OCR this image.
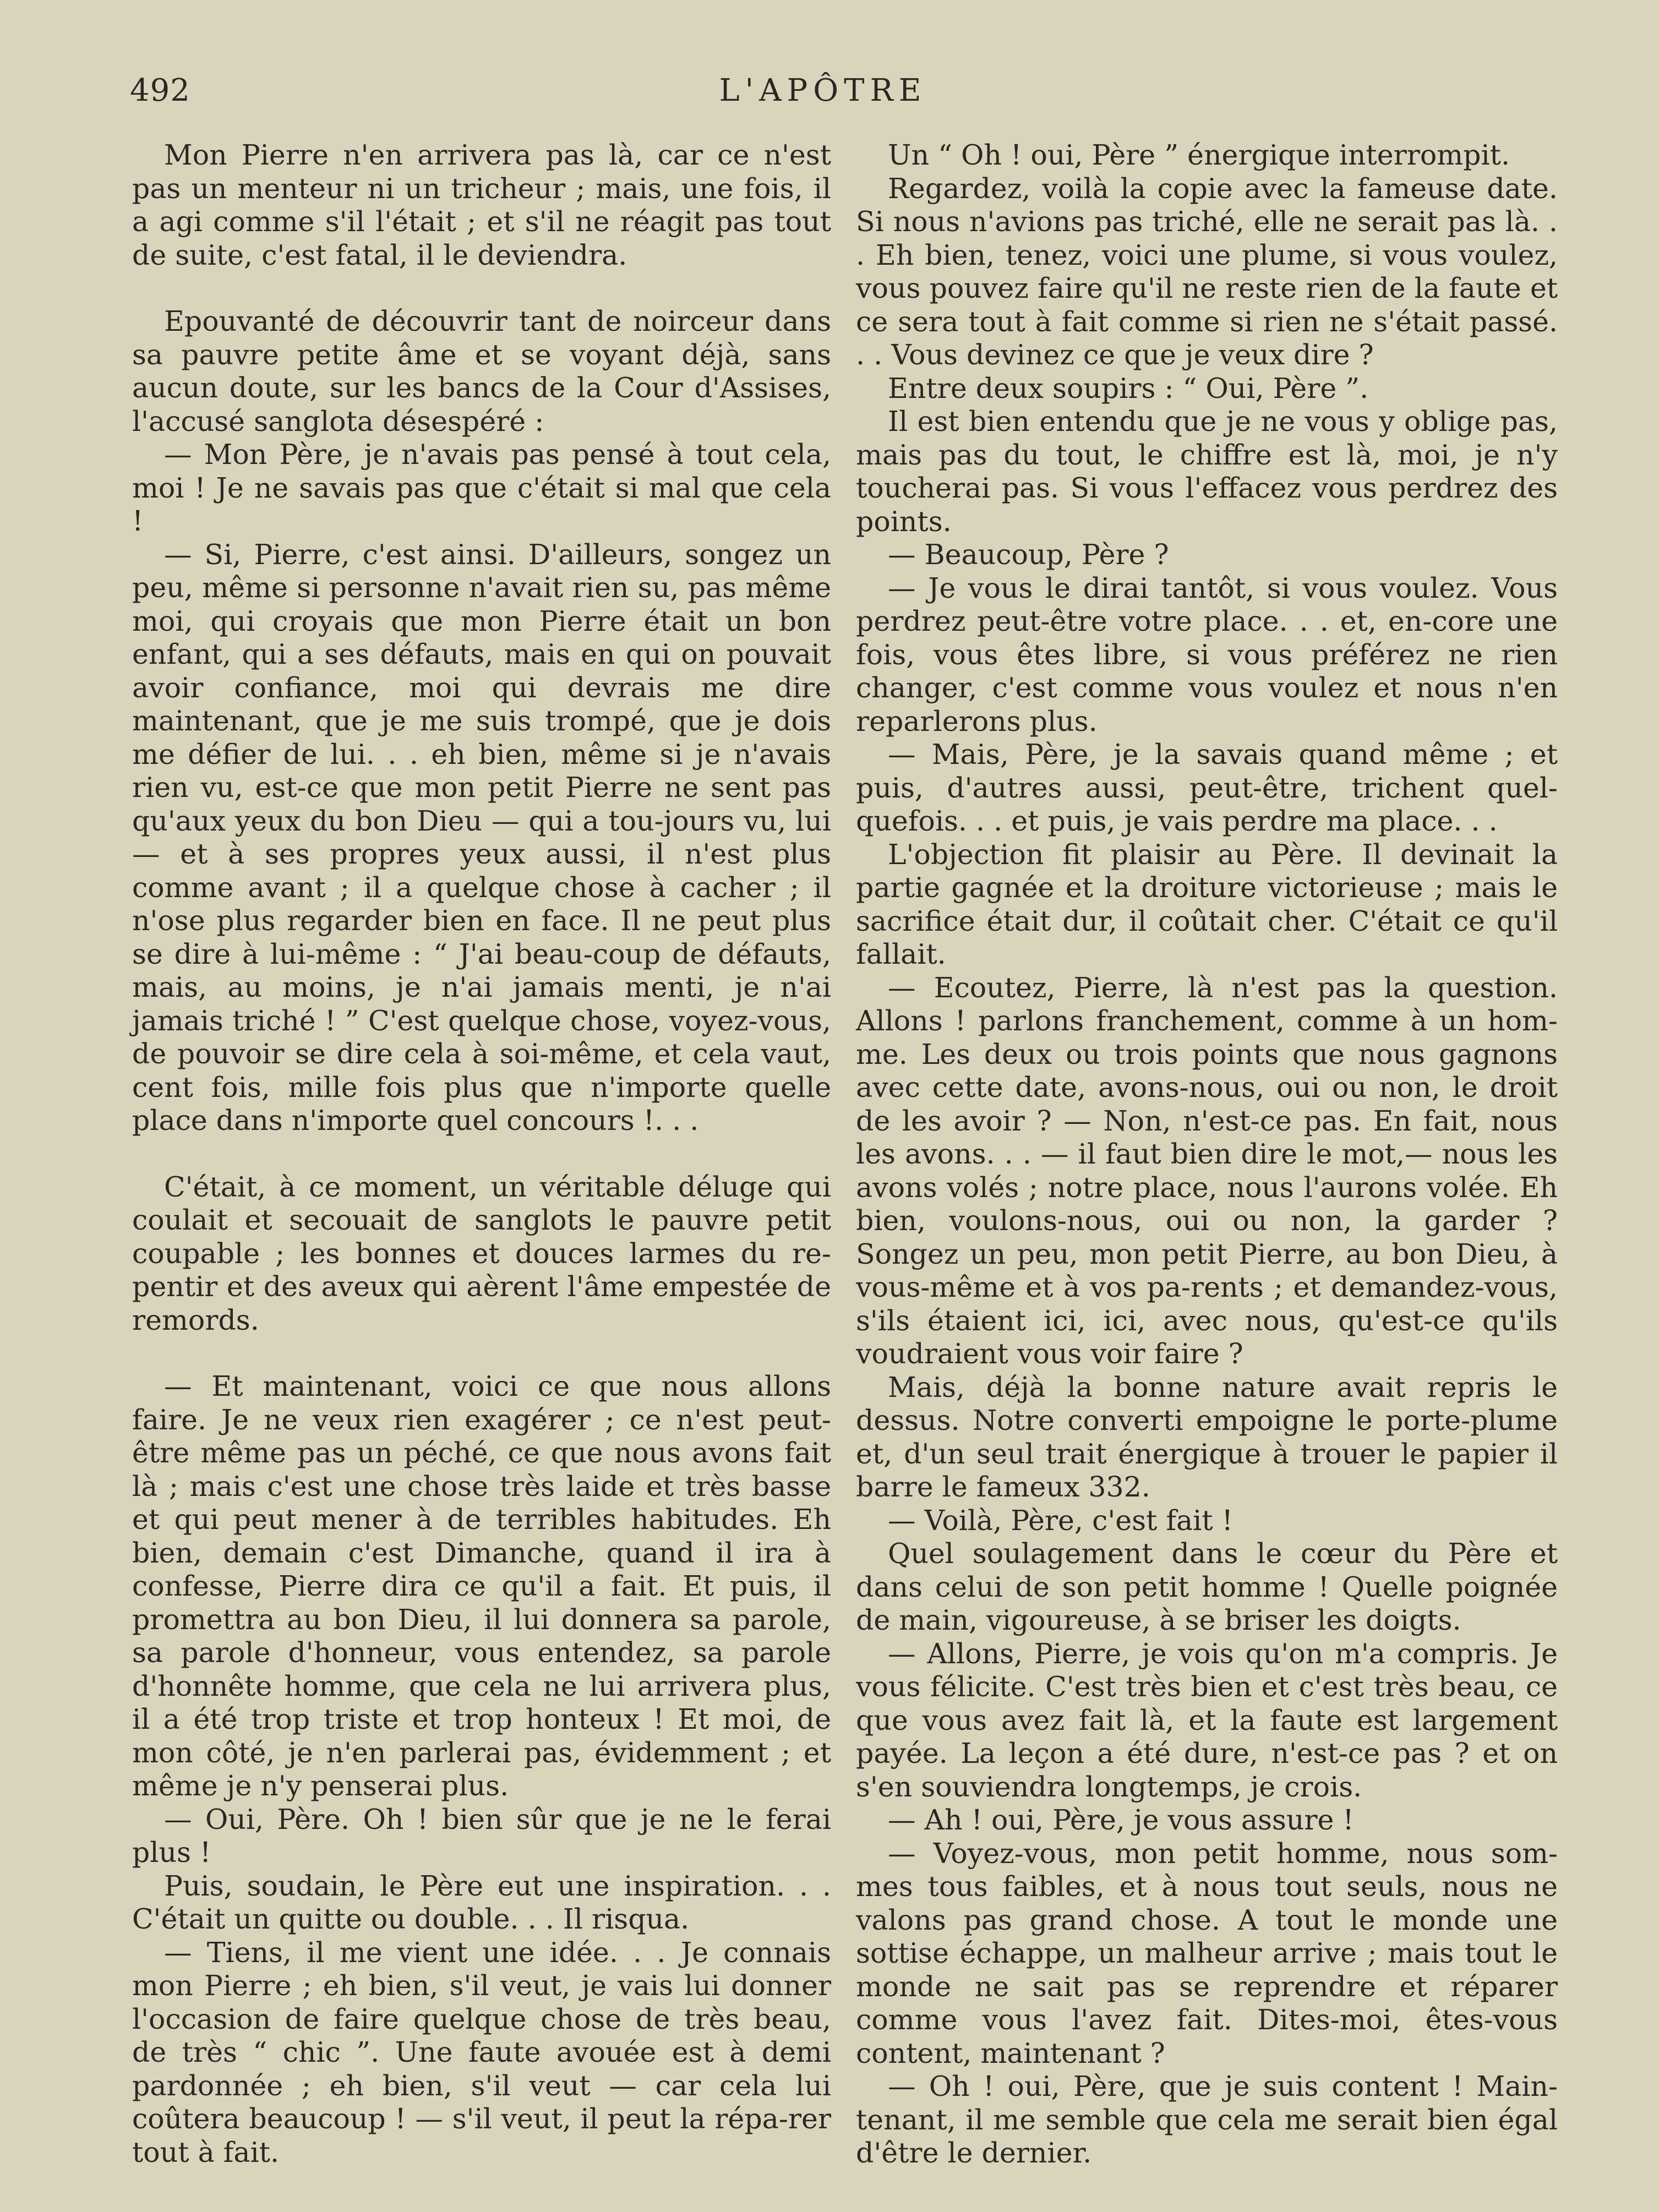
492	L'APÔTRE

Mon Pierre n'en arrivera pas là, car ce n'est pas un menteur ni un tricheur ; mais, une fois, il a agi comme s'il l'était ; et s'il ne réagit pas tout de suite, c'est fatal, il le deviendra.

Epouvanté de découvrir tant de noirceur dans sa pauvre petite âme et se voyant déjà, sans aucun doute, sur les bancs de la Cour d'Assises, l'accusé sanglota désespéré :

— Mon Père, je n'avais pas pensé à tout cela, moi ! Je ne savais pas que c'était si mal que cela !

— Si, Pierre, c'est ainsi. D'ailleurs, songez un peu, même si personne n'avait rien su, pas même moi, qui croyais que mon Pierre était un bon enfant, qui a ses défauts, mais en qui on pouvait avoir confiance, moi qui devrais me dire maintenant, que je me suis trompé, que je dois me défier de lui. . . eh bien, même si je n'avais rien vu, est-ce que mon petit Pierre ne sent pas qu'aux yeux du bon Dieu — qui a tou-jours vu, lui — et à ses propres yeux aussi, il n'est plus comme avant ; il a quelque chose à cacher ; il n'ose plus regarder bien en face. Il ne peut plus se dire à lui-même : “ J'ai beau-coup de défauts, mais, au moins, je n'ai jamais menti, je n'ai jamais triché ! ” C'est quelque chose, voyez-vous, de pouvoir se dire cela à soi-même, et cela vaut, cent fois, mille fois plus que n'importe quelle place dans n'importe quel concours !. . .

C'était, à ce moment, un véritable déluge qui coulait et secouait de sanglots le pauvre petit coupable ; les bonnes et douces larmes du re-pentir et des aveux qui aèrent l'âme empestée de remords.

— Et maintenant, voici ce que nous allons faire. Je ne veux rien exagérer ; ce n'est peut-être même pas un péché, ce que nous avons fait là ; mais c'est une chose très laide et très basse et qui peut mener à de terribles habitudes. Eh bien, demain c'est Dimanche, quand il ira à confesse, Pierre dira ce qu'il a fait. Et puis, il promettra au bon Dieu, il lui donnera sa parole, sa parole d'honneur, vous entendez, sa parole d'honnête homme, que cela ne lui arrivera plus, il a été trop triste et trop honteux ! Et moi, de mon côté, je n'en parlerai pas, évidemment ; et même je n'y penserai plus.

— Oui, Père. Oh ! bien sûr que je ne le ferai plus !

Puis, soudain, le Père eut une inspiration. . . C'était un quitte ou double. . . Il risqua.

— Tiens, il me vient une idée. . . Je connais mon Pierre ; eh bien, s'il veut, je vais lui donner l'occasion de faire quelque chose de très beau, de très “ chic ”. Une faute avouée est à demi pardonnée ; eh bien, s'il veut — car cela lui coûtera beaucoup ! — s'il veut, il peut la répa-rer tout à fait.

Un “ Oh ! oui, Père ” énergique interrompit.

Regardez, voilà la copie avec la fameuse date. Si nous n'avions pas triché, elle ne serait pas là. . . Eh bien, tenez, voici une plume, si vous voulez, vous pouvez faire qu'il ne reste rien de la faute et ce sera tout à fait comme si rien ne s'était passé. . . Vous devinez ce que je veux dire ?

Entre deux soupirs : “ Oui, Père ”.

Il est bien entendu que je ne vous y oblige pas, mais pas du tout, le chiffre est là, moi, je n'y toucherai pas. Si vous l'effacez vous perdrez des points.

— Beaucoup, Père ?

— Je vous le dirai tantôt, si vous voulez. Vous perdrez peut-être votre place. . . et, en-core une fois, vous êtes libre, si vous préférez ne rien changer, c'est comme vous voulez et nous n'en reparlerons plus.

— Mais, Père, je la savais quand même ; et puis, d'autres aussi, peut-être, trichent quel-quefois. . . et puis, je vais perdre ma place. . .

L'objection fit plaisir au Père. Il devinait la partie gagnée et la droiture victorieuse ; mais le sacrifice était dur, il coûtait cher. C'était ce qu'il fallait.

— Ecoutez, Pierre, là n'est pas la question. Allons ! parlons franchement, comme à un hom-me. Les deux ou trois points que nous gagnons avec cette date, avons-nous, oui ou non, le droit de les avoir ? — Non, n'est-ce pas. En fait, nous les avons. . . — il faut bien dire le mot,— nous les avons volés ; notre place, nous l'aurons volée. Eh bien, voulons-nous, oui ou non, la garder ? Songez un peu, mon petit Pierre, au bon Dieu, à vous-même et à vos pa-rents ; et demandez-vous, s'ils étaient ici, ici, avec nous, qu'est-ce qu'ils voudraient vous voir faire ?

Mais, déjà la bonne nature avait repris le dessus. Notre converti empoigne le porte-plume et, d'un seul trait énergique à trouer le papier il barre le fameux 332.

— Voilà, Père, c'est fait !

Quel soulagement dans le cœur du Père et dans celui de son petit homme ! Quelle poignée de main, vigoureuse, à se briser les doigts.

— Allons, Pierre, je vois qu'on m'a compris. Je vous félicite. C'est très bien et c'est très beau, ce que vous avez fait là, et la faute est largement payée. La leçon a été dure, n'est-ce pas ? et on s'en souviendra longtemps, je crois.

— Ah ! oui, Père, je vous assure !

— Voyez-vous, mon petit homme, nous som-mes tous faibles, et à nous tout seuls, nous ne valons pas grand chose. A tout le monde une sottise échappe, un malheur arrive ; mais tout le monde ne sait pas se reprendre et réparer comme vous l'avez fait. Dites-moi, êtes-vous content, maintenant ?

— Oh ! oui, Père, que je suis content ! Main-tenant, il me semble que cela me serait bien égal d'être le dernier.
